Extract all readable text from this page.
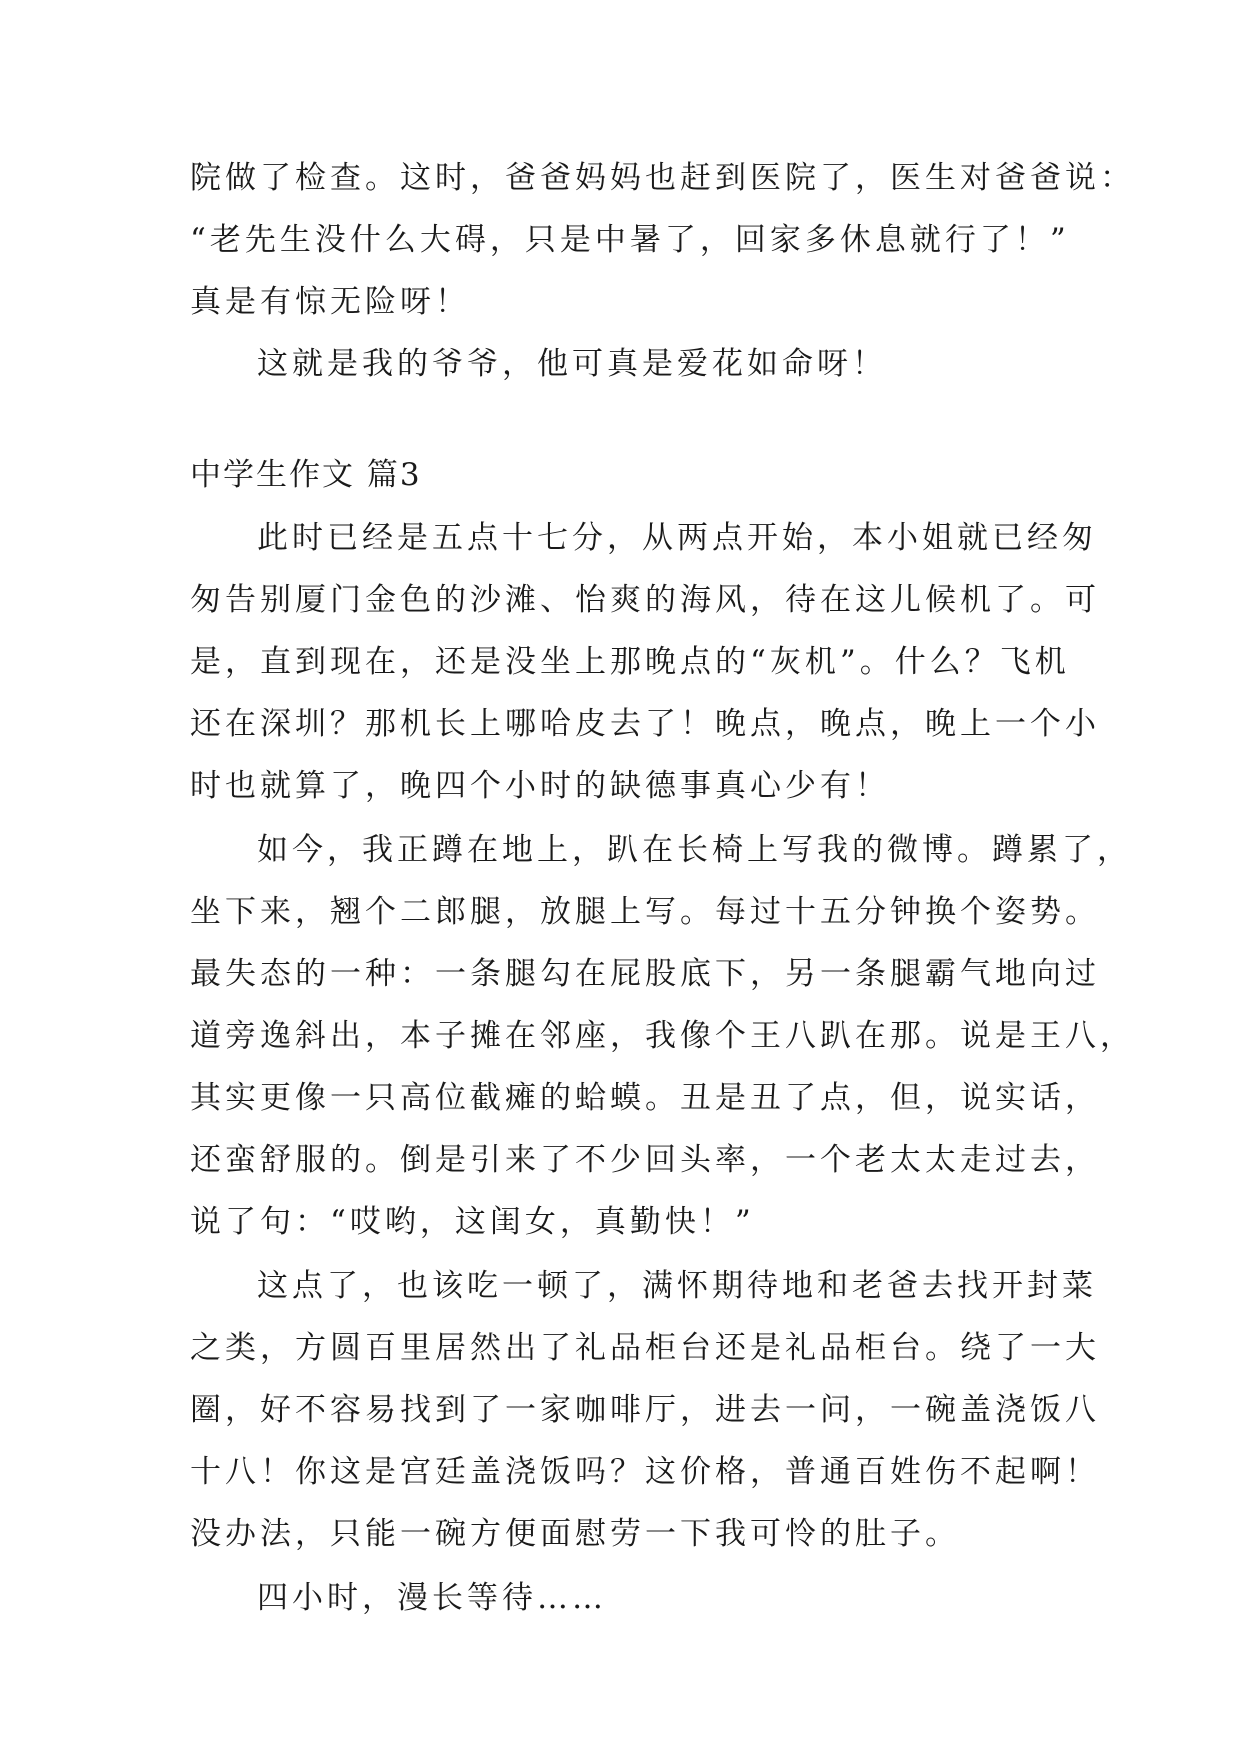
院做了检查。这时，爸爸妈妈也赶到医院了，医生对爸爸说：
“老先生没什么大碍，只是中暑了，回家多休息就行了！”
真是有惊无险呀！
这就是我的爷爷，他可真是爱花如命呀！
中学生作文 篇3
此时已经是五点十七分，从两点开始，本小姐就已经匆
匆告别厦门金色的沙滩、怡爽的海风，待在这儿候机了。可
是，直到现在，还是没坐上那晚点的“灰机”。什么？飞机
还在深圳？那机长上哪哈皮去了！晚点，晚点，晚上一个小
时也就算了，晚四个小时的缺德事真心少有！
如今，我正蹲在地上，趴在长椅上写我的微博。蹲累了，
坐下来，翘个二郎腿，放腿上写。每过十五分钟换个姿势。
最失态的一种：一条腿勾在屁股底下，另一条腿霸气地向过
道旁逸斜出，本子摊在邻座，我像个王八趴在那。说是王八，
其实更像一只高位截瘫的蛤蟆。丑是丑了点，但，说实话，
还蛮舒服的。倒是引来了不少回头率，一个老太太走过去，
说了句：“哎哟，这闺女，真勤快！”
这点了，也该吃一顿了，满怀期待地和老爸去找开封菜
之类，方圆百里居然出了礼品柜台还是礼品柜台。绕了一大
圈，好不容易找到了一家咖啡厅，进去一问，一碗盖浇饭八
十八！你这是宫廷盖浇饭吗？这价格，普通百姓伤不起啊！
没办法，只能一碗方便面慰劳一下我可怜的肚子。
四小时，漫长等待……
